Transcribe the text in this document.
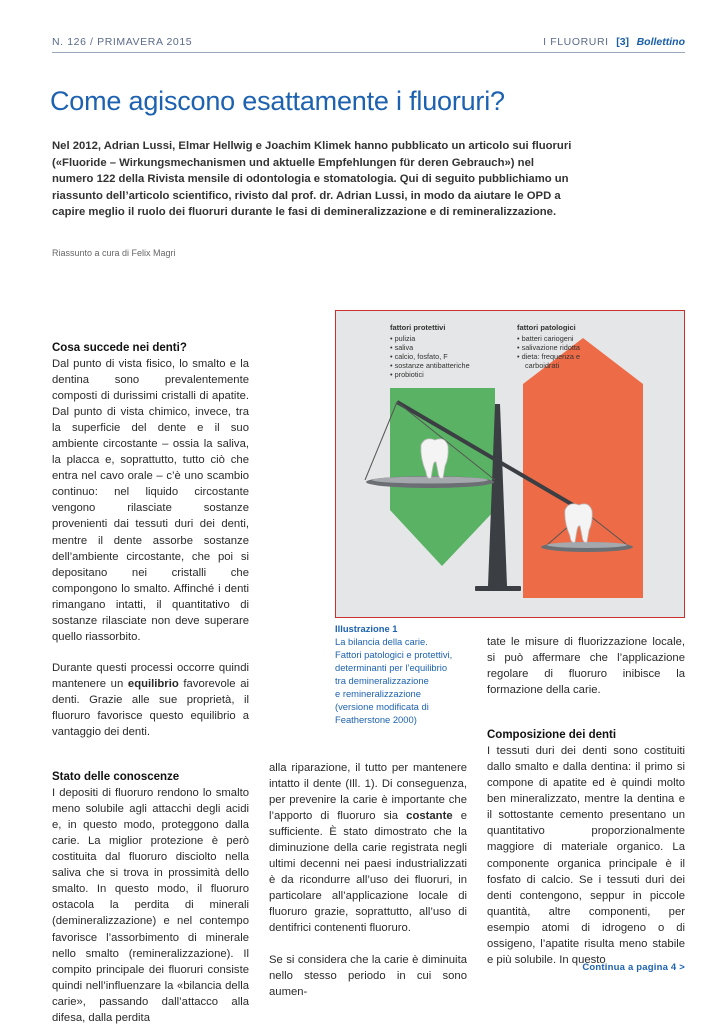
N. 126 / PRIMAVERA 2015	I FLUORURI [3] Bollettino
Come agiscono esattamente i fluoruri?

Nel 2012, Adrian Lussi, Elmar Hellwig e Joachim Klimek hanno pubblicato un articolo sui fluoruri («Fluoride – Wirkungsmechanismen und aktuelle Empfehlungen für deren Gebrauch») nel numero 122 della Rivista mensile di odontologia e stomatologia. Qui di seguito pubblichiamo un riassunto dell’articolo scientifico, rivisto dal prof. dr. Adrian Lussi, in modo da aiutare le OPD a capire meglio il ruolo dei fluoruri durante le fasi di demineralizzazione e di remineralizzazione.

Riassunto a cura di Felix Magri

Cosa succede nei denti?

Dal punto di vista fisico, lo smalto e la dentina sono prevalentemente composti di durissimi cristalli di apatite. Dal punto di vista chimico, invece, tra la superficie del dente e il suo ambiente circostante – ossia la saliva, la placca e, soprattutto, tutto ciò che entra nel cavo orale – c’è uno scambio continuo: nel liquido circostante vengono rilasciate sostanze provenienti dai tessuti duri dei denti, mentre il dente assorbe sostanze dell’ambiente circostante, che poi si depositano nei cristalli che compongono lo smalto. Affinché i denti rimangano intatti, il quantitativo di sostanze rilasciate non deve superare quello riassorbito.

Durante questi processi occorre quindi mantenere un equilibrio favorevole ai denti. Grazie alle sue proprietà, il fluoruro favorisce questo equilibrio a vantaggio dei denti.

Stato delle conoscenze

I depositi di fluoruro rendono lo smalto meno solubile agli attacchi degli acidi e, in questo modo, proteggono dalla carie. La miglior protezione è però costituita dal fluoruro disciolto nella saliva che si trova in prossimità dello smalto. In questo modo, il fluoruro ostacola la perdita di minerali (demineralizzazione) e nel contempo favorisce l’assorbimento di minerale nello smalto (remineralizzazione). Il compito principale dei fluoruri consiste quindi nell’influenzare la «bilancia della carie», passando dall’attacco alla difesa, dalla perdita

alla riparazione, il tutto per mantenere intatto il dente (Ill. 1). Di conseguenza, per prevenire la carie è importante che l’apporto di fluoruro sia costante e sufficiente. È stato dimostrato che la diminuzione della carie registrata negli ultimi decenni nei paesi industrializzati è da ricondurre all’uso dei fluoruri, in particolare all’applicazione locale di fluoruro grazie, soprattutto, all’uso di dentifrici contenenti fluoruro.

Se si considera che la carie è diminuita nello stesso periodo in cui sono aumen-

tate le misure di fluorizzazione locale, si può affermare che l’applicazione regolare di fluoruro inibisce la formazione della carie.

Composizione dei denti

I tessuti duri dei denti sono costituiti dallo smalto e dalla dentina: il primo si compone di apatite ed è quindi molto ben mineralizzato, mentre la dentina e il sottostante cemento presentano un quantitativo proporzionalmente maggiore di materiale organico. La componente organica principale è il fosfato di calcio. Se i tessuti duri dei denti contengono, seppur in piccole quantità, altre componenti, per esempio atomi di idrogeno o di ossigeno, l’apatite risulta meno stabile e più solubile. In questo

fattori protettivi
• pulizia
• saliva
• calcio, fosfato, F
• sostanze antibatteriche
• probiotici
fattori patologici
• batteri cariogeni
• salivazione ridotta
• dieta: frequenza e
carboidrati
Illustrazione 1
La bilancia della carie.
Fattori patologici e protettivi,
determinanti per l’equilibrio
tra demineralizzazione
e remineralizzazione
(versione modificata di
Featherstone 2000)
Continua a pagina 4 >
